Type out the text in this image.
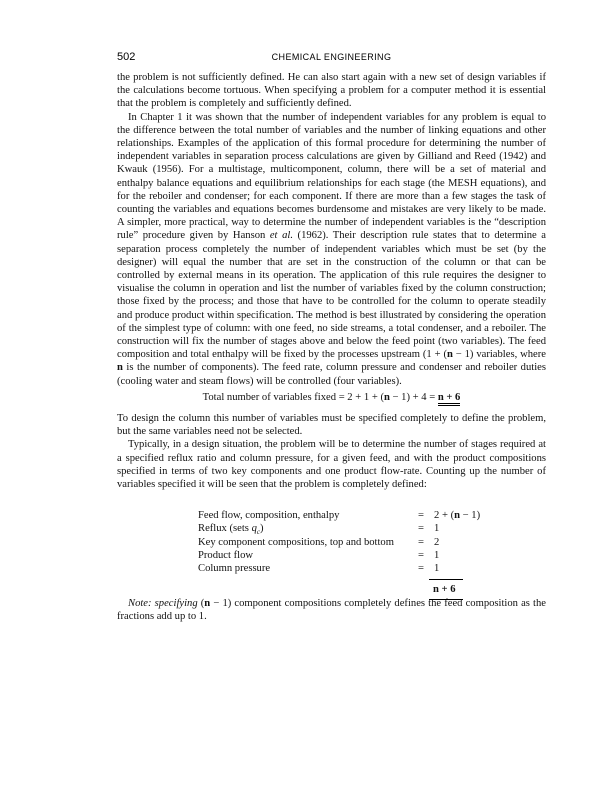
502	CHEMICAL ENGINEERING

the problem is not sufficiently defined. He can also start again with a new set of design variables if the calculations become tortuous. When specifying a problem for a computer method it is essential that the problem is completely and sufficiently defined.

In Chapter 1 it was shown that the number of independent variables for any problem is equal to the difference between the total number of variables and the number of linking equations and other relationships. Examples of the application of this formal procedure for determining the number of independent variables in separation process calculations are given by Gilliand and Reed (1942) and Kwauk (1956). For a multistage, multicomponent, column, there will be a set of material and enthalpy balance equations and equilibrium relationships for each stage (the MESH equations), and for the reboiler and condenser; for each component. If there are more than a few stages the task of counting the variables and equations becomes burdensome and mistakes are very likely to be made. A simpler, more practical, way to determine the number of independent variables is the “description rule” procedure given by Hanson et al. (1962). Their description rule states that to determine a separation process completely the number of independent variables which must be set (by the designer) will equal the number that are set in the construction of the column or that can be controlled by external means in its operation. The application of this rule requires the designer to visualise the column in operation and list the number of variables fixed by the column construction; those fixed by the process; and those that have to be controlled for the column to operate steadily and produce product within specification. The method is best illustrated by considering the operation of the simplest type of column: with one feed, no side streams, a total condenser, and a reboiler. The construction will fix the number of stages above and below the feed point (two variables). The feed composition and total enthalpy will be fixed by the processes upstream (1 + (n − 1) variables, where n is the number of components). The feed rate, column pressure and condenser and reboiler duties (cooling water and steam flows) will be controlled (four variables).

Total number of variables fixed = 2 + 1 + (n − 1) + 4 = n + 6

To design the column this number of variables must be specified completely to define the problem, but the same variables need not be selected.

Typically, in a design situation, the problem will be to determine the number of stages required at a specified reflux ratio and column pressure, for a given feed, and with the product compositions specified in terms of two key components and one product flow-rate. Counting up the number of variables specified it will be seen that the problem is completely defined:

Feed flow, composition, enthalpy	= 2 + (n − 1)
Reflux (sets $q_c$)	= 1
Key component compositions, top and bottom = 2
Product flow	= 1
Column pressure	= 1
n + 6

Note: specifying (n − 1) component compositions completely defines the feed composition as the fractions add up to 1.
